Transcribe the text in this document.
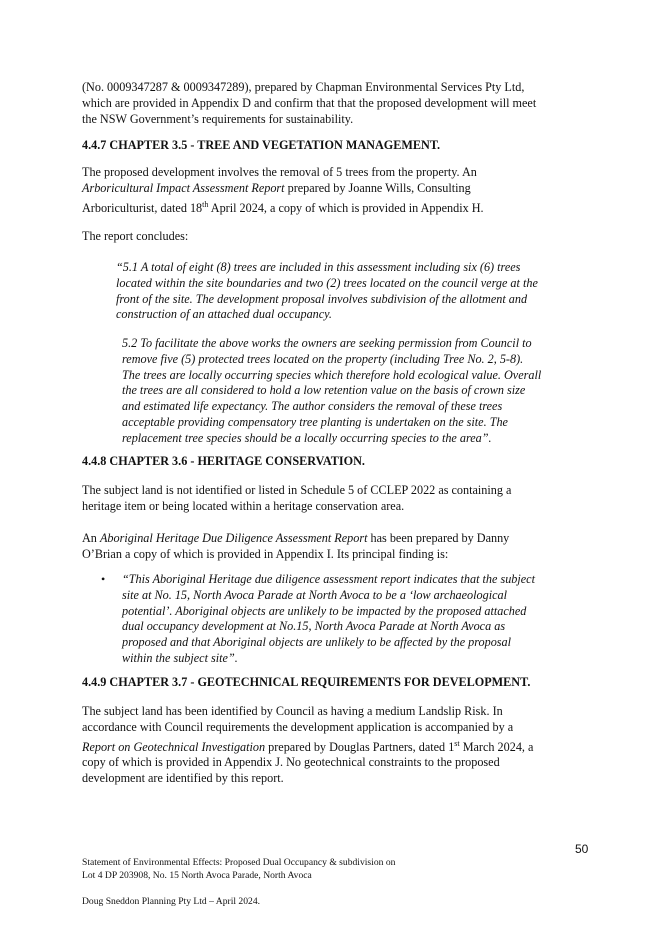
(No. 0009347287 & 0009347289), prepared by Chapman Environmental Services Pty Ltd,
which are provided in Appendix D and confirm that that the proposed development will meet
the NSW Government’s requirements for sustainability.

4.4.7 CHAPTER 3.5 - TREE AND VEGETATION MANAGEMENT.

The proposed development involves the removal of 5 trees from the property. An
Arboricultural Impact Assessment Report prepared by Joanne Wills, Consulting
Arboriculturist, dated 18th April 2024, a copy of which is provided in Appendix H.

The report concludes:

“5.1 A total of eight (8) trees are included in this assessment including six (6) trees
located within the site boundaries and two (2) trees located on the council verge at the
front of the site. The development proposal involves subdivision of the allotment and
construction of an attached dual occupancy.

5.2 To facilitate the above works the owners are seeking permission from Council to
remove five (5) protected trees located on the property (including Tree No. 2, 5-8).
The trees are locally occurring species which therefore hold ecological value. Overall
the trees are all considered to hold a low retention value on the basis of crown size
and estimated life expectancy. The author considers the removal of these trees
acceptable providing compensatory tree planting is undertaken on the site. The
replacement tree species should be a locally occurring species to the area”.

4.4.8 CHAPTER 3.6 - HERITAGE CONSERVATION.

The subject land is not identified or listed in Schedule 5 of CCLEP 2022 as containing a
heritage item or being located within a heritage conservation area.

An Aboriginal Heritage Due Diligence Assessment Report has been prepared by Danny
O’Brian a copy of which is provided in Appendix I. Its principal finding is:

• “This Aboriginal Heritage due diligence assessment report indicates that the subject
site at No. 15, North Avoca Parade at North Avoca to be a ‘low archaeological
potential’. Aboriginal objects are unlikely to be impacted by the proposed attached
dual occupancy development at No.15, North Avoca Parade at North Avoca as
proposed and that Aboriginal objects are unlikely to be affected by the proposal
within the subject site”.

4.4.9 CHAPTER 3.7 - GEOTECHNICAL REQUIREMENTS FOR DEVELOPMENT.

The subject land has been identified by Council as having a medium Landslip Risk. In
accordance with Council requirements the development application is accompanied by a
Report on Geotechnical Investigation prepared by Douglas Partners, dated 1st March 2024, a
copy of which is provided in Appendix J. No geotechnical constraints to the proposed
development are identified by this report.

50

Statement of Environmental Effects: Proposed Dual Occupancy & subdivision on
Lot 4 DP 203908, No. 15 North Avoca Parade, North Avoca

Doug Sneddon Planning Pty Ltd – April 2024.
